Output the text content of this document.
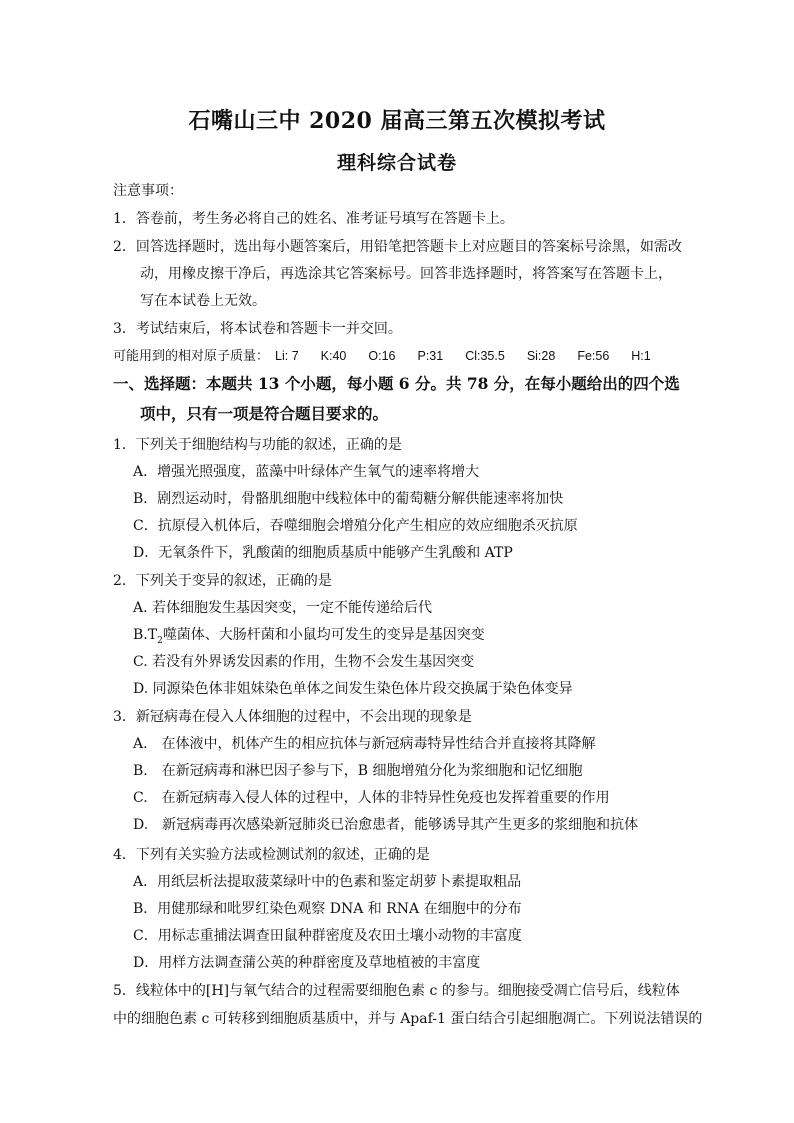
石嘴山三中 2020 届高三第五次模拟考试
理科综合试卷
注意事项：
1．答卷前，考生务必将自己的姓名、准考证号填写在答题卡上。
2．回答选择题时，选出每小题答案后，用铅笔把答题卡上对应题目的答案标号涂黑，如需改
动，用橡皮擦干净后，再选涂其它答案标号。回答非选择题时，将答案写在答题卡上，
写在本试卷上无效。
3．考试结束后，将本试卷和答题卡一并交回。
可能用到的相对原子质量： Li: 7 K:40 O:16 P:31 Cl:35.5 Si:28 Fe:56 H:1
一、选择题：本题共 13 个小题，每小题 6 分。共 78 分，在每小题给出的四个选
项中，只有一项是符合题目要求的。
1．下列关于细胞结构与功能的叙述，正确的是
A．增强光照强度，蓝藻中叶绿体产生氧气的速率将增大
B．剧烈运动时，骨骼肌细胞中线粒体中的葡萄糖分解供能速率将加快
C．抗原侵入机体后，吞噬细胞会增殖分化产生相应的效应细胞杀灭抗原
D．无氧条件下，乳酸菌的细胞质基质中能够产生乳酸和 ATP
2．下列关于变异的叙述，正确的是
A. 若体细胞发生基因突变，一定不能传递给后代
$B.T_2$噬菌体、大肠杆菌和小鼠均可发生的变异是基因突变
C. 若没有外界诱发因素的作用，生物不会发生基因突变
D. 同源染色体非姐妹染色单体之间发生染色体片段交换属于染色体变异
3．新冠病毒在侵入人体细胞的过程中，不会出现的现象是
A.　在体液中，机体产生的相应抗体与新冠病毒特异性结合并直接将其降解
B.　在新冠病毒和淋巴因子参与下，B 细胞增殖分化为浆细胞和记忆细胞
C.　在新冠病毒入侵人体的过程中，人体的非特异性免疫也发挥着重要的作用
D.　新冠病毒再次感染新冠肺炎已治愈患者，能够诱导其产生更多的浆细胞和抗体
4．下列有关实验方法或检测试剂的叙述，正确的是
A．用纸层析法提取菠菜绿叶中的色素和鉴定胡萝卜素提取粗品
B．用健那绿和吡罗红染色观察 DNA 和 RNA 在细胞中的分布
C．用标志重捕法调查田鼠种群密度及农田土壤小动物的丰富度
D．用样方法调查蒲公英的种群密度及草地植被的丰富度
5．线粒体中的[H]与氧气结合的过程需要细胞色素 c 的参与。细胞接受凋亡信号后，线粒体
中的细胞色素 c 可转移到细胞质基质中，并与 Apaf-1 蛋白结合引起细胞凋亡。下列说法错误的
